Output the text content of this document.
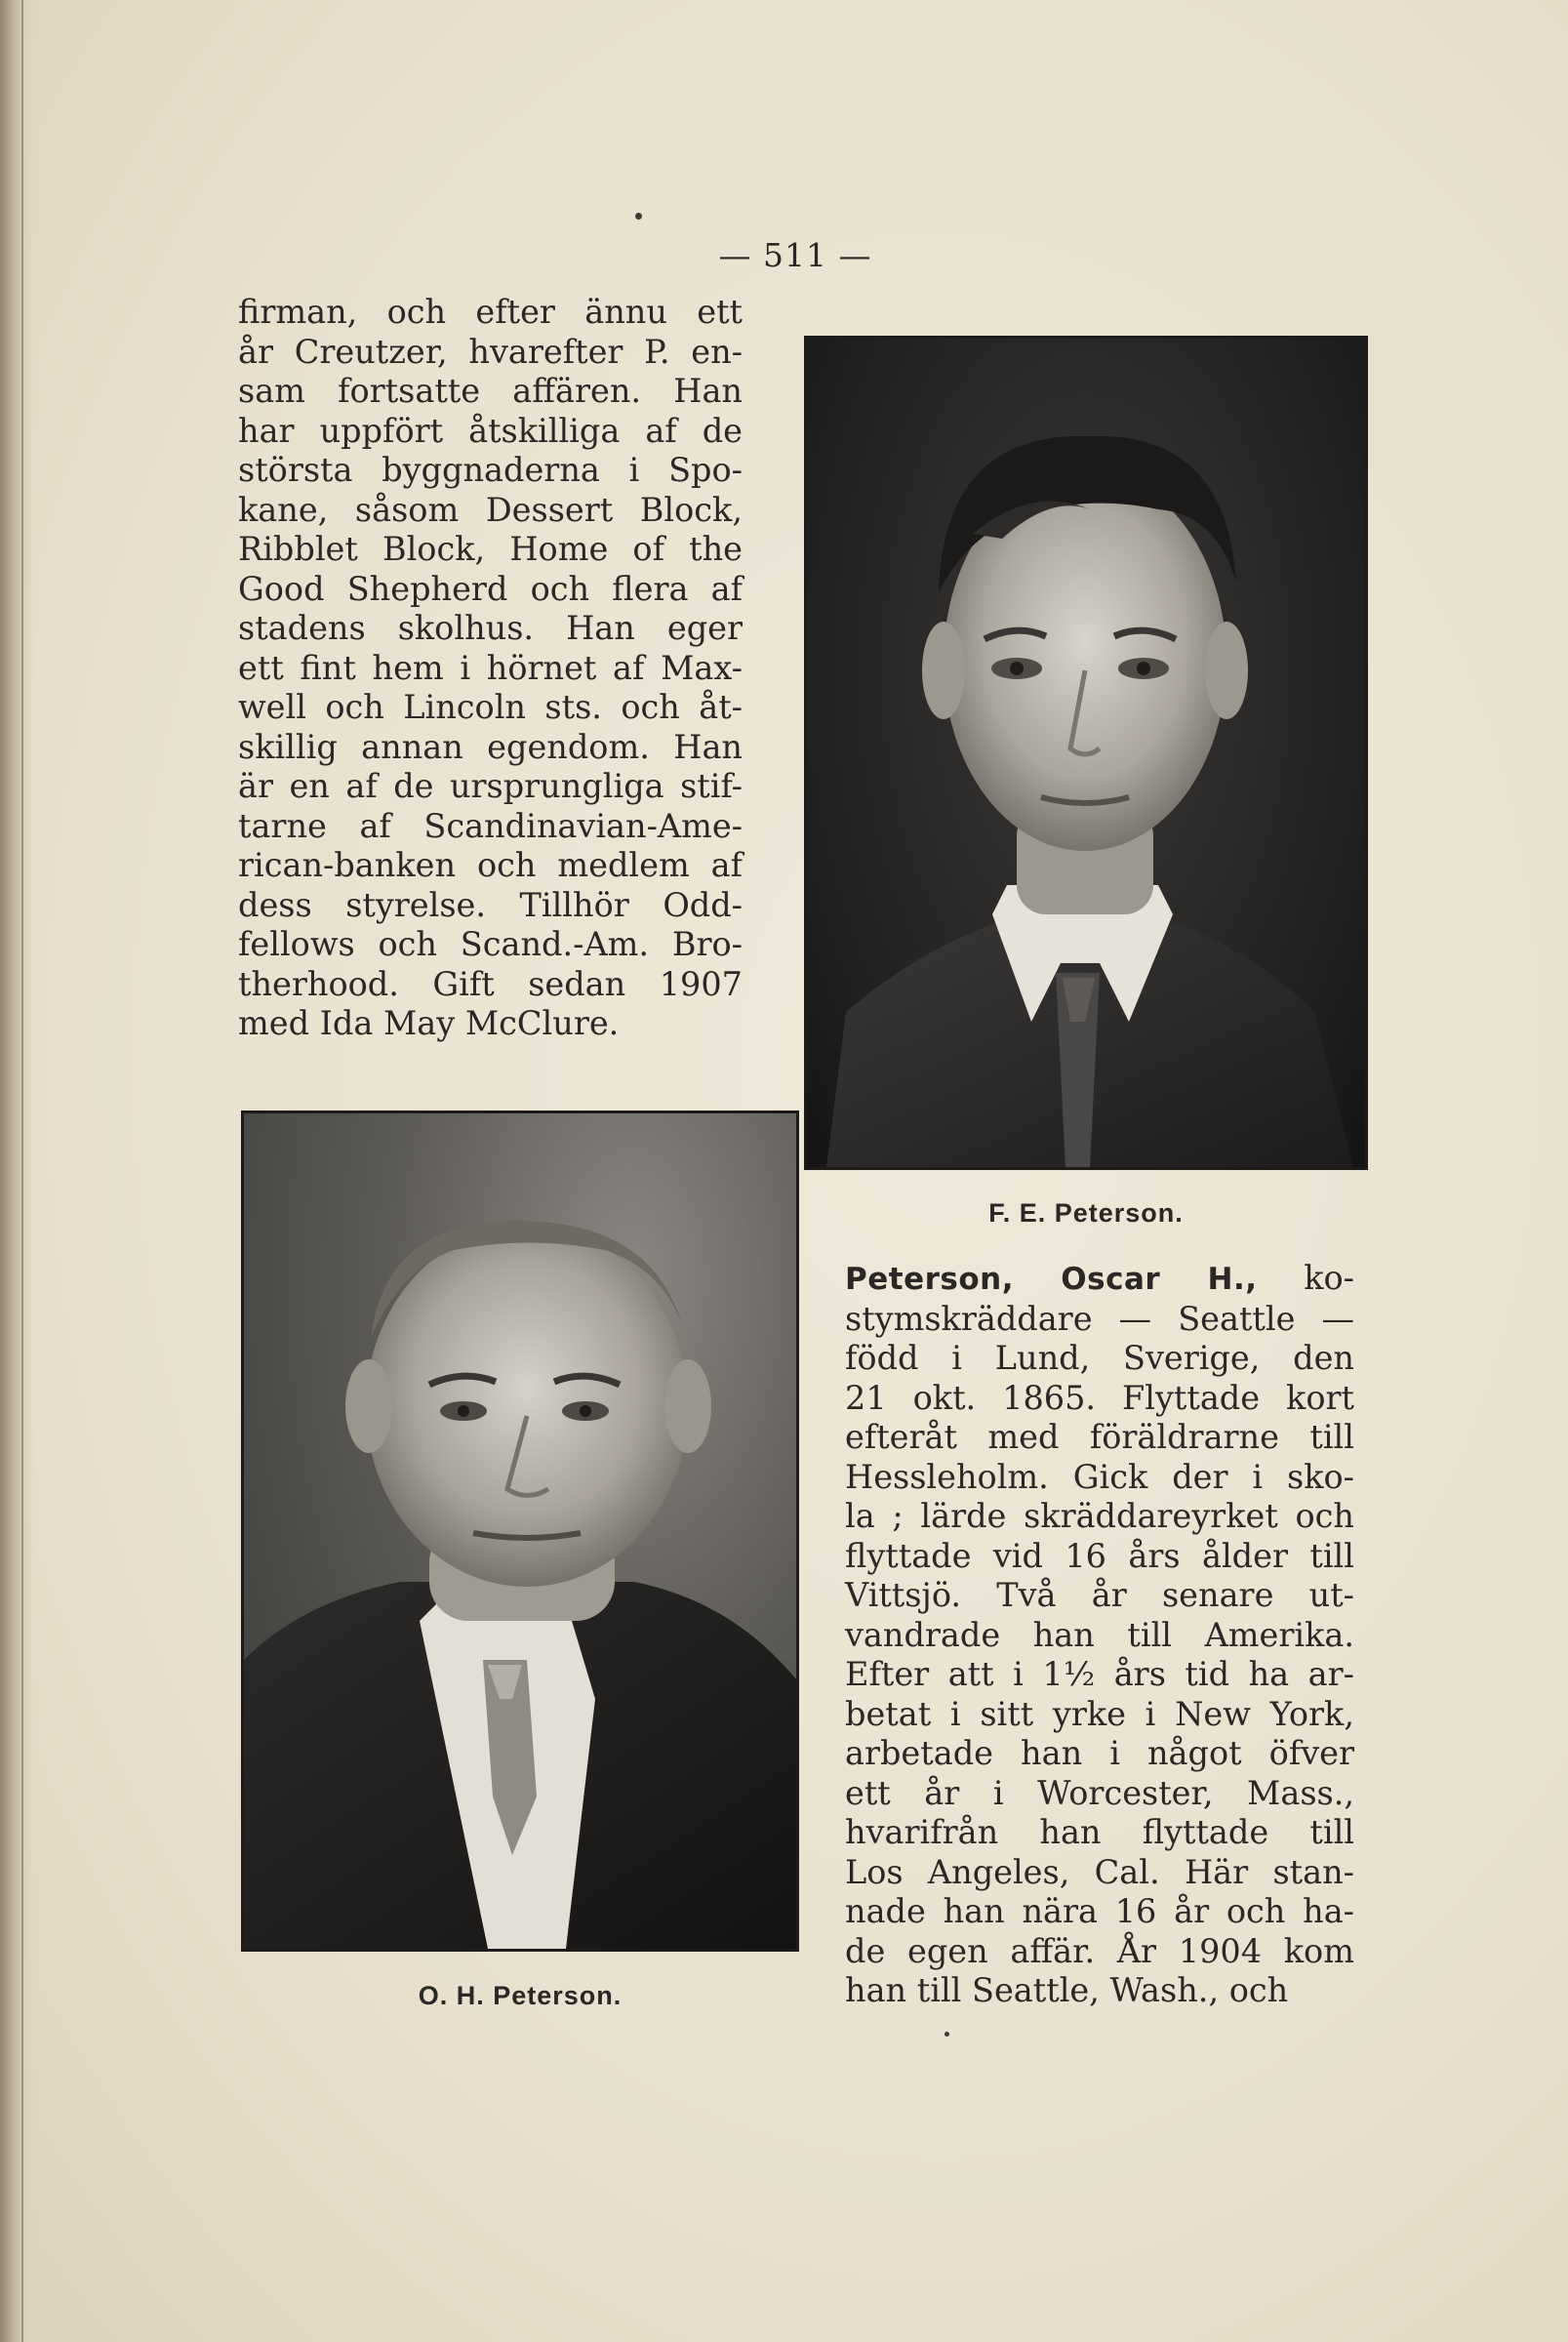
— 511 —
firman, och efter ännu ett
år Creutzer, hvarefter P. en-
sam fortsatte affären. Han
har uppfört åtskilliga af de
största byggnaderna i Spo-
kane, såsom Dessert Block,
Ribblet Block, Home of the
Good Shepherd och flera af
stadens skolhus. Han eger
ett fint hem i hörnet af Max-
well och Lincoln sts. och åt-
skillig annan egendom. Han
är en af de ursprungliga stif-
tarne af Scandinavian-Ame-
rican-banken och medlem af
dess styrelse. Tillhör Odd-
fellows och Scand.-Am. Bro-
therhood. Gift sedan 1907
med Ida May McClure.
F. E. Peterson.
O. H. Peterson.
Peterson, Oscar H., ko-
stymskräddare — Seattle —
född i Lund, Sverige, den
21 okt. 1865. Flyttade kort
efteråt med föräldrarne till
Hessleholm. Gick der i sko-
la ; lärde skräddareyrket och
flyttade vid 16 års ålder till
Vittsjö. Två år senare ut-
vandrade han till Amerika.
Efter att i 1½ års tid ha ar-
betat i sitt yrke i New York,
arbetade han i något öfver
ett år i Worcester, Mass.,
hvarifrån han flyttade till
Los Angeles, Cal. Här stan-
nade han nära 16 år och ha-
de egen affär. År 1904 kom
han till Seattle, Wash., och
